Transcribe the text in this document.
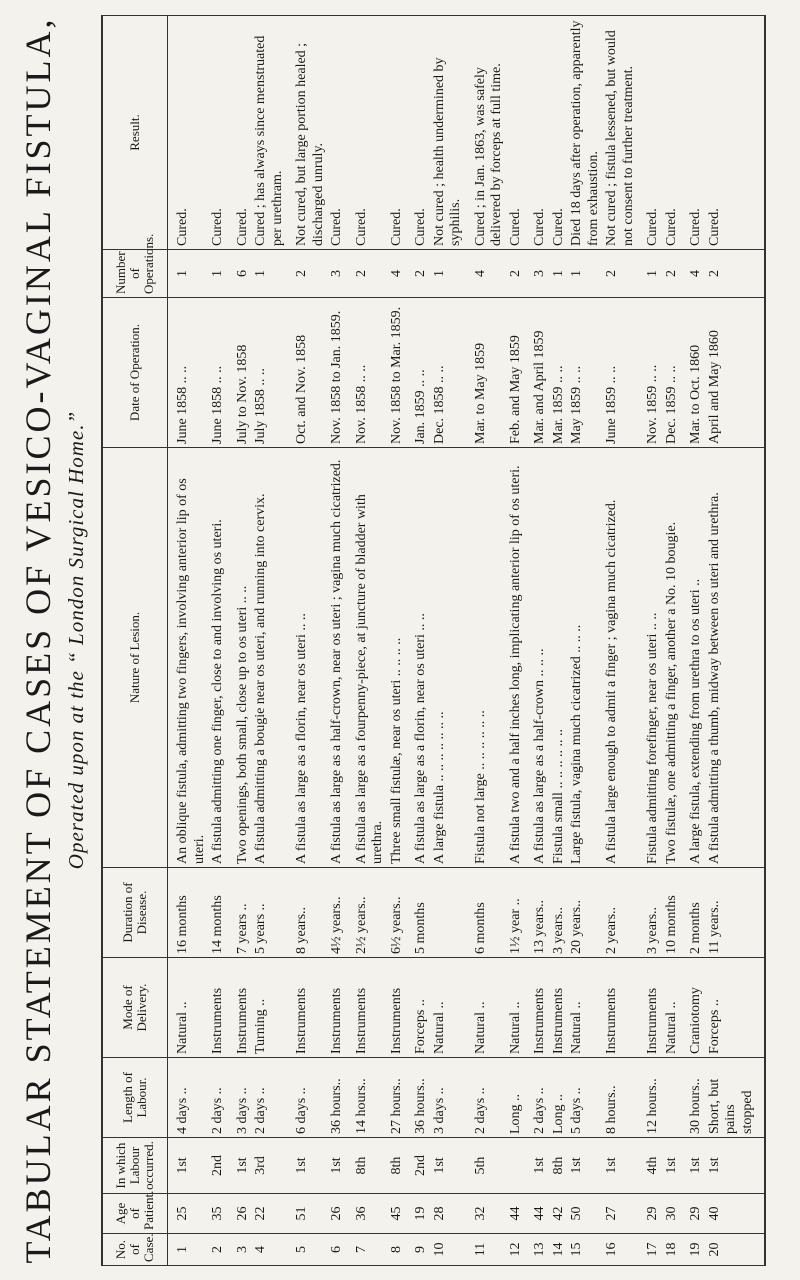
TABULAR STATEMENT OF CASES OF VESICO-VAGINAL FISTULA, Operated upon at the “ London Surgical Home.”
No. of Case.	Age of Patient.	In which Labour occurred.	Length of Labour.	Mode of Delivery.	Duration of Disease.	Nature of Lesion.	Date of Operation.	Number of Operations.	Result.
1	25	1st	4 days ..	Natural ..	16 months	An oblique fistula, admitting two fingers, involving anterior lip of os uteri.	June 1858 .. ..	1	Cured.
2	35	2nd	2 days ..	Instruments	14 months	A fistula admitting one finger, close to and involving os uteri.	June 1858 .. ..	1	Cured.
3	26	1st	3 days ..	Instruments	7 years ..	Two openings, both small, close up to os uteri .. ..	July to Nov. 1858	6	Cured.
4	22	3rd	2 days ..	Turning ..	5 years ..	A fistula admitting a bougie near os uteri, and running into cervix.	July 1858 .. ..	1	Cured ; has always since menstruated per urethram.
5	51	1st	6 days ..	Instruments	8 years..	A fistula as large as a florin, near os uteri .. ..	Oct. and Nov. 1858	2	Not cured, but large portion healed ; discharged unruly.
6	26	1st	36 hours..	Instruments	4½ years..	A fistula as large as a half-crown, near os uteri ; vagina much cicatrized.	Nov. 1858 to Jan. 1859.	3	Cured.
7	36	8th	14 hours..	Instruments	2½ years..	A fistula as large as a fourpenny-piece, at juncture of bladder with urethra.	Nov. 1858 .. ..	2	Cured.
8	45	8th	27 hours..	Instruments	6½ years..	Three small fistulæ, near os uteri .. .. .. ..	Nov. 1858 to Mar. 1859.	4	Cured.
9	19	2nd	36 hours..	Forceps ..	5 months	A fistula as large as a florin, near os uteri .. ..	Jan. 1859 .. ..	2	Cured.
10	28	1st	3 days ..	Natural ..		A large fistula .. .. .. .. .. .. ..	Dec. 1858 .. ..	1	Not cured ; health undermined by syphilis.
11	32	5th	2 days ..	Natural ..	6 months	Fistula not large .. .. .. .. .. ..	Mar. to May 1859	4	Cured ; in Jan. 1863, was safely delivered by forceps at full time.
12	44		Long ..	Natural ..	1½ year ..	A fistula two and a half inches long, implicating anterior lip of os uteri.	Feb. and May 1859	2	Cured.
13	44	1st	2 days ..	Instruments	13 years..	A fistula as large as a half-crown .. .. ..	Mar. and April 1859	3	Cured.
14	42	8th	Long ..	Instruments	3 years..	Fistula small .. .. .. .. .. ..	Mar. 1859 .. ..	1	Cured.
15	50	1st	5 days ..	Natural ..	20 years..	Large fistula, vagina much cicatrized .. .. ..	May 1859 .. ..	1	Died 18 days after operation, apparently from exhaustion.
16	27	1st	8 hours..	Instruments	2 years..	A fistula large enough to admit a finger ; vagina much cicatrized.	June 1859 .. ..	2	Not cured ; fistula lessened, but would not consent to further treatment.
17	29	4th	12 hours..	Instruments	3 years..	Fistula admitting forefinger, near os uteri .. ..	Nov. 1859 .. ..	1	Cured.
18	30	1st		Natural ..	10 months	Two fistulæ, one admitting a finger, another a No. 10 bougie.	Dec. 1859 .. ..	2	Cured.
19	29	1st	30 hours..	Craniotomy	2 months	A large fistula, extending from urethra to os uteri ..	Mar. to Oct. 1860	4	Cured.
20	40	1st	Short, but pains stopped	Forceps ..	11 years..	A fistula admitting a thumb, midway between os uteri and urethra.	April and May 1860	2	Cured.
